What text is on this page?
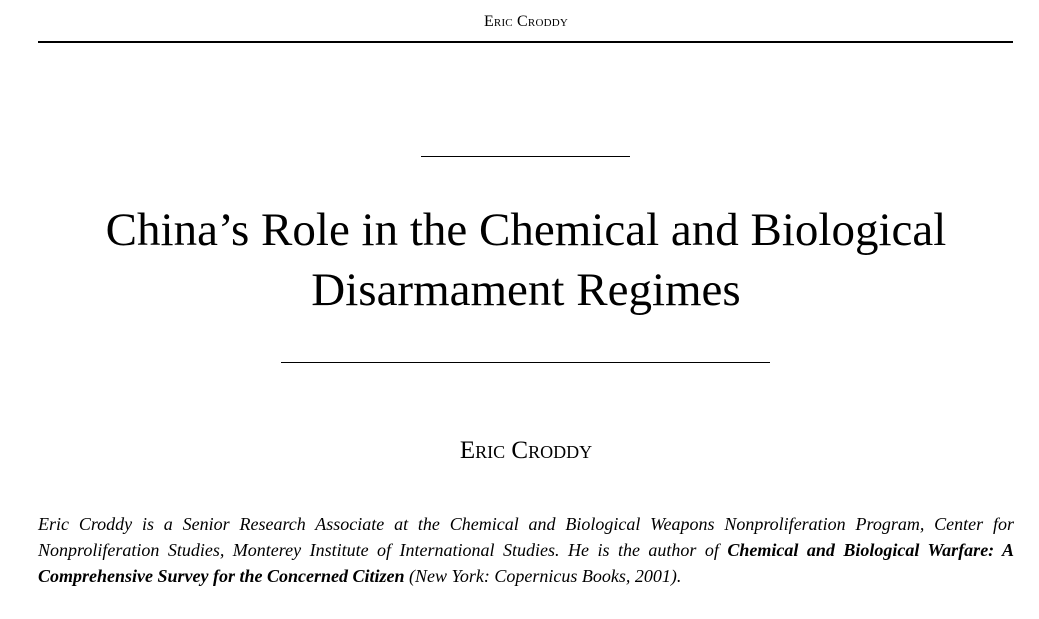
Eric Croddy
China’s Role in the Chemical and Biological
Disarmament Regimes
Eric Croddy

Eric Croddy is a Senior Research Associate at the Chemical and Biological Weapons Nonproliferation Program, Center for Nonproliferation Studies, Monterey Institute of International Studies. He is the author of Chemical and Biological Warfare: A Comprehensive Survey for the Concerned Citizen (New York: Copernicus Books, 2001).
